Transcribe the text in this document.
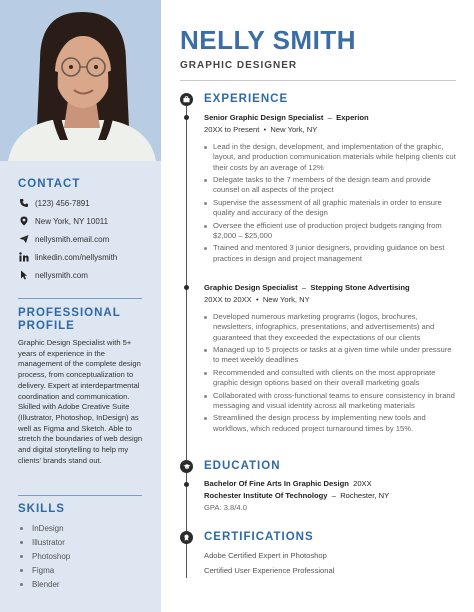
CONTACT
(123) 456-7891
New York, NY 10011
nellysmith.email.com
linkedin.com/nellysmith
nellysmith.com
PROFESSIONAL
PROFILE
Graphic Design Specialist with 5+ years of experience in the management of the complete design process, from conceptualization to delivery. Expert at interdepartmental coordination and communication. Skilled with Adobe Creative Suite (Illustrator, Photoshop, InDesign) as well as Figma and Sketch. Able to stretch the boundaries of web design and digital storytelling to help my clients' brands stand out.
SKILLS
InDesign
Illustrator
Photoshop
Figma
Blender
NELLY SMITH
GRAPHIC DESIGNER
EXPERIENCE
Senior Graphic Design Specialist – Experion
20XX to Present  •  New York, NY
Lead in the design, development, and implementation of the graphic, layout, and production communication materials while helping clients cut their costs by an average of 12%
Delegate tasks to the 7 members of the design team and provide counsel on all aspects of the project
Supervise the assessment of all graphic materials in order to ensure quality and accuracy of the design
Oversee the efficient use of production project budgets ranging from $2,000 – $25,000
Trained and mentored 3 junior designers, providing guidance on best practices in design and project management
Graphic Design Specialist – Stepping Stone Advertising
20XX to 20XX  •  New York, NY
Developed numerous marketing programs (logos, brochures, newsletters, infographics, presentations, and advertisements) and guaranteed that they exceeded the expectations of our clients
Managed up to 5 projects or tasks at a given time while under pressure to meet weekly deadlines
Recommended and consulted with clients on the most appropriate graphic design options based on their overall marketing goals
Collaborated with cross-functional teams to ensure consistency in brand messaging and visual identity across all marketing materials
Streamlined the design process by implementing new tools and workflows, which reduced project turnaround times by 15%.
EDUCATION
Bachelor Of Fine Arts In Graphic Design 20XX
Rochester Institute Of Technology – Rochester, NY
GPA: 3.8/4.0
CERTIFICATIONS
Adobe Certified Expert in Photoshop
Certified User Experience Professional
